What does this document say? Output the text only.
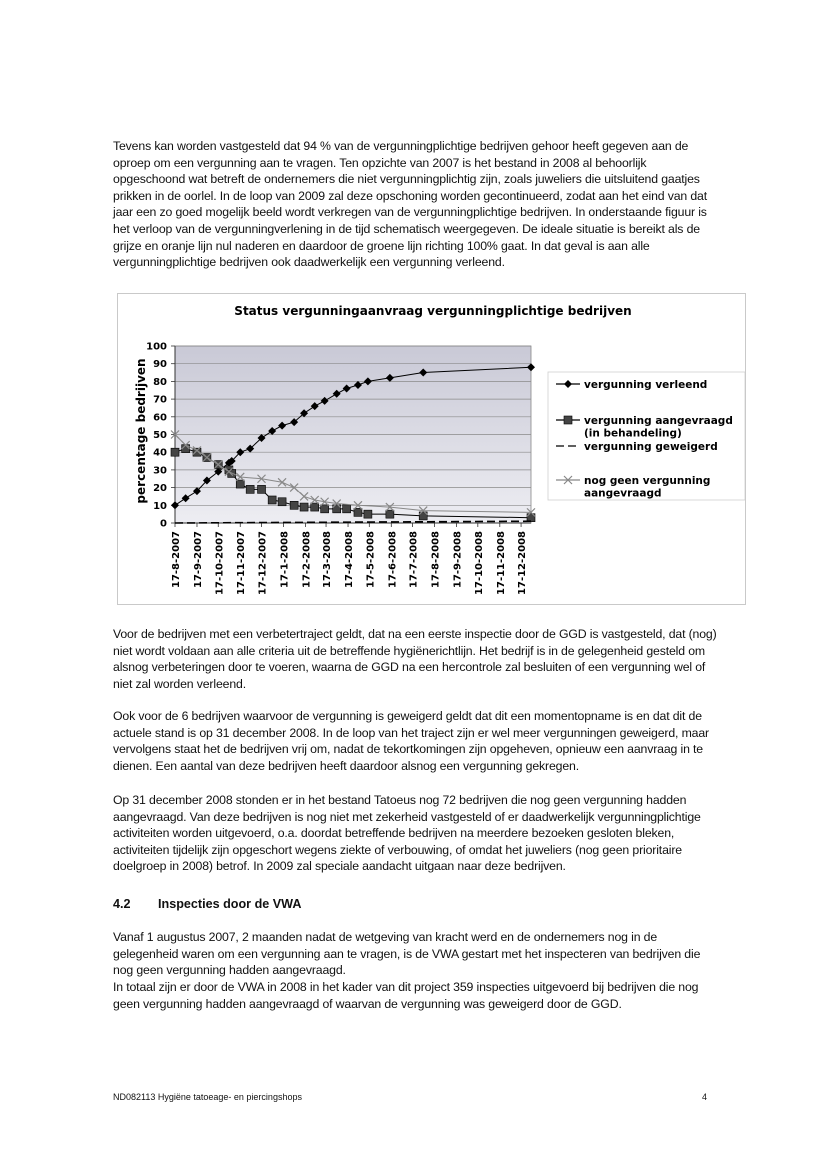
Tevens kan worden vastgesteld dat 94 % van de vergunningplichtige bedrijven gehoor heeft gegeven aan de oproep om een vergunning aan te vragen. Ten opzichte van 2007 is het bestand in 2008 al behoorlijk opgeschoond wat betreft de ondernemers die niet vergunningplichtig zijn, zoals juweliers die uitsluitend gaatjes prikken in de oorlel. In de loop van 2009 zal deze opschoning worden gecontinueerd, zodat aan het eind van dat jaar een zo goed mogelijk beeld wordt verkregen van de vergunningplichtige bedrijven. In onderstaande figuur is het verloop van de vergunningverlening in de tijd schematisch weergegeven. De ideale situatie is bereikt als de grijze en oranje lijn nul naderen en daardoor de groene lijn richting 100% gaat. In dat geval is aan alle vergunningplichtige bedrijven ook daadwerkelijk een vergunning verleend.

Status vergunningaanvraag vergunningplichtige bedrijven
percentage bedrijven
0
10
20
30
40
50
60
70
80
90
100
17-8-2007 17-9-2007 17-10-2007 17-11-2007 17-12-2007 17-1-2008 17-2-2008 17-3-2008 17-4-2008 17-5-2008 17-6-2008 17-7-2008 17-8-2008 17-9-2008 17-10-2008 17-11-2008 17-12-2008
vergunning verleend
vergunning aangevraagd (in behandeling)
vergunning geweigerd
nog geen vergunning aangevraagd

Voor de bedrijven met een verbetertraject geldt, dat na een eerste inspectie door de GGD is vastgesteld, dat (nog) niet wordt voldaan aan alle criteria uit de betreffende hygiënerichtlijn. Het bedrijf is in de gelegenheid gesteld om alsnog verbeteringen door te voeren, waarna de GGD na een hercontrole zal besluiten of een vergunning wel of niet zal worden verleend.

Ook voor de 6 bedrijven waarvoor de vergunning is geweigerd geldt dat dit een momentopname is en dat dit de actuele stand is op 31 december 2008. In de loop van het traject zijn er wel meer vergunningen geweigerd, maar vervolgens staat het de bedrijven vrij om, nadat de tekortkomingen zijn opgeheven, opnieuw een aanvraag in te dienen. Een aantal van deze bedrijven heeft daardoor alsnog een vergunning gekregen.

Op 31 december 2008 stonden er in het bestand Tatoeus nog 72 bedrijven die nog geen vergunning hadden aangevraagd. Van deze bedrijven is nog niet met zekerheid vastgesteld of er daadwerkelijk vergunningplichtige activiteiten worden uitgevoerd, o.a. doordat betreffende bedrijven na meerdere bezoeken gesloten bleken, activiteiten tijdelijk zijn opgeschort wegens ziekte of verbouwing, of omdat het juweliers (nog geen prioritaire doelgroep in 2008) betrof. In 2009 zal speciale aandacht uitgaan naar deze bedrijven.

4.2 Inspecties door de VWA

Vanaf 1 augustus 2007, 2 maanden nadat de wetgeving van kracht werd en de ondernemers nog in de gelegenheid waren om een vergunning aan te vragen, is de VWA gestart met het inspecteren van bedrijven die nog geen vergunning hadden aangevraagd.

In totaal zijn er door de VWA in 2008 in het kader van dit project 359 inspecties uitgevoerd bij bedrijven die nog geen vergunning hadden aangevraagd of waarvan de vergunning was geweigerd door de GGD.

ND082113 Hygiëne tatoeage- en piercingshops	4
